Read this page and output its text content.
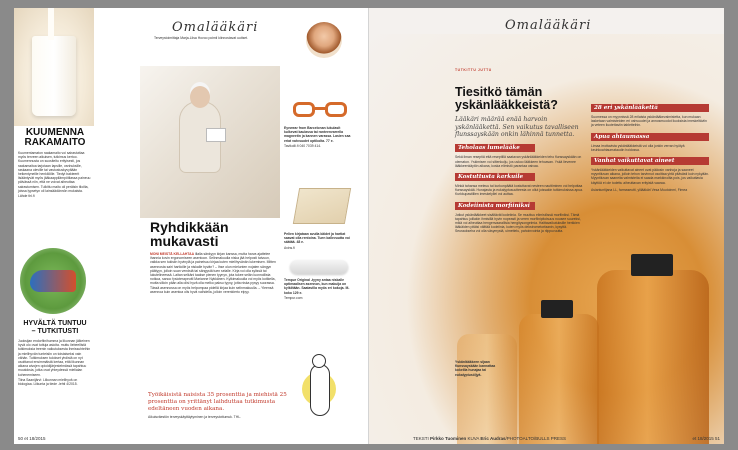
Omalääkäri
Terveystoimittaja Marja-Liisa Hovoo poimii kiinnostavat uutiset.
KUUMENNA
RAKAMAITO

Kuumentamaton raakamaito voi sairastuttaa myös terveen aikuisen, tutkimus kertoo. Kuumennusta on suositeltu erityisesti, jos raakamaitoa tarjotaan lapsille, vanhuksille, raskaana oleville tai vastustuskyvyltään heikentyneille henkilöille. Tiedyt bakteerit lisääntyvät myös jääkaappilämpötilassa paineuu päivässä niin, että ne voivat aiheuttaa sairastumisen. Tulkittu maito oli peräisin tiloilta, joissa lypsetyn oli lainsäädännön mukaista.

Lähde thl.fi

HYVÄLTÄ TUNTUU
– TUTKITUSTI

Juoksijan endorfiinihumma ja likunnan jälkeinen hyvä olo ovat tuttuja asioita. muttu liebeellistä tutkimuksia treenin vaikutuksesta ihmissuhteihin ja mielihyvän tunteisiin on toistaiseksi vain vähän. Tutkimuksen tulokset yhdistä on nyt osoittanut ensimmäistä kertaa, että likunnan aikana aivojen opioidijärjestelmässä tapahtuu muutoksia, jotka ovat yhteydessä mielialan kohenemiseen.

Tiina Saanijärvi: Liikunnan mielihyvä on biologiaa. Liikunta ja tiede -lehti 4/2015.

Ryhdikkään
mukavasti

MONI MEISTÄ KELLAHTAA illalla sänkyyn kirjan kanssa, mutta harva ajattelee ihannia kovin ergonomiseen asentoon. Selinmakuulla niska jää helposti taivuun, vaikka sen tukisiin hyvinylä ja paineisuu kirjaa kuten mielihyvänän lukemisen. Mitten asennosta sairi hartioille ja niskalle hyvän? – Ihse olun mielunten nojaten sängyn päätyyn, jolloin suan vendstä tai sängystä tuen selalle. Kirja voi olla sylissä tai lukutelineessä. Laitan selkäni taakse pienen tyynyn, jota tukee selän luonnollista notkoa, sanoo fysioterapeutti Marianne Nykkänen. Kylkimakuulla voi myös kotikella, mutta silloin pään alla olisi hyvä olla melko paksu tyyny, jotta niska pysyy suorassa. Tässä asennossa on myös helpompaa pidellä kirjaa kuin selinmakuulla. – Yleensä asennoa kuin asentoa olis hyvä vaihdella, jolloin verenkierto elpyy.

Eyewear from Barcelonan lukulasit kulkevat kaulassa tai ranteenvarrella magneetin ja kannen varassa. Lasien saa eriat vahvuudet optikolta. 77 e.

Tavikolli.fi 040 7039 414.

Pelien kirjataan avulla käidet ja hartiat saavat olla rentoina. Tuen kallevuutta voi säätää. 48 e.

Avins.fi

Tempur Original -tyyny antaa niskalle optimaalisen asennon, kun makuija on kylkiltään. Saatavilla myös eri kokoja. M-koko 129 e.

Tempur.com

Työikäisistä naisista 35 prosenttia ja miehistä 25 prosenttia on yrittänyt laihduttaa tutkimusta edeltäneen vuoden aikana.

Aikuisväestön terveyskäyttäytyminen ja terveystottumuk. THL.

50 et 18/2015
Omalääkäri

TUTKITTU JUTTU

Tiesitkö tämän
yskänlääkkeistä?

Lääkäri määrää enää harvoin yskänlääkettä. Sen vaikutus tavalliseen flunssayskään onkin lähinnä tunnetta.

Teholaas lumelääke

Sekä ilman reseptiä että reseptillä saatavan yskänlääkkeiden teho flunssayskään on olematon. Yskimisen voi siltenkulju, jos uskoo lääkkeen tehoavan. Yskä lievenee lääkkeenkäytön aikana, koska elimistö parantaa vaivaa.

Kostuttusta karkuile

Minkä tahansa meleuu tai kurkunpäätä kostuttavat nesteen nauttiminen voi helpottaa flunssayskää. Hunajasta ja eukalyptusuutteesta on ollut joissakin tutkimuksissa apua. Kurkkupastillien imeskelyllei voi auttaa.

Kodeiinista morfiiniksi

Jotkut yskänlääkkeet sisältävät kodeiinia. Se muuttuu elimistössä morfiiniksi. Tämä tapahtuu joillakin ihmisillä hyvin nopeasti ja veren morfiinipitoisuus nousee suureksi, mikä voi aiheuttaa hengenvaarallisia hengitysongelmia. Haittavaikutuksille herkkien lääkäiden pitäisi välttää kodeiinia, kuten myös dekstrometorfaanin, kysyttä. Seuraukseha voi olla väsymystä, uimettelu, pahoinvointa ja riippuvuutta.

28 eri yskänlääkettä

Suomessa on myynnissä 28 erilaista yskänlääkevalmistetta, kun mukaan lasketaan valmisteiden eri vahvuudet ja annosmuodot liuoksista imeskeltäviin ja veteen liuotettaviin tabletteihin.

Apua ahtaumassa

Limaa irrottavista yskänlääkkeistä voi olla jonkin verran hyötyä keuhkoahtaumataudin hoidossa.

Vanhat vaikuttavat aineet

Yskänlääkkeiden vaikuttavat aineet ovat pääosin vanhoja ja saaneet myyntiluvan aikana, jolloin tehon tarvinnut osoittaa yhtä pitävästi kuin nykyään. Myyntiluvan saaneita valmisteita ei saada markkinoilta pois, jos vaikuttavia käyttöä ei ole todettu aiheuttavan erityistä vaaraa.

Asiantuntijana LL, farmaseutti, ylilääkäri Vesa Muutoinmi, Fimea

Yskänlääkkeen sijaan flunssayskään kannattaa kokeilla hunajaa tai eukalyptusöljyä.
TEKSTI Pirkko Tuominen KUVA Eric Audras/PHOTOALTO/BULLS PRESS	et 18/2015 51
